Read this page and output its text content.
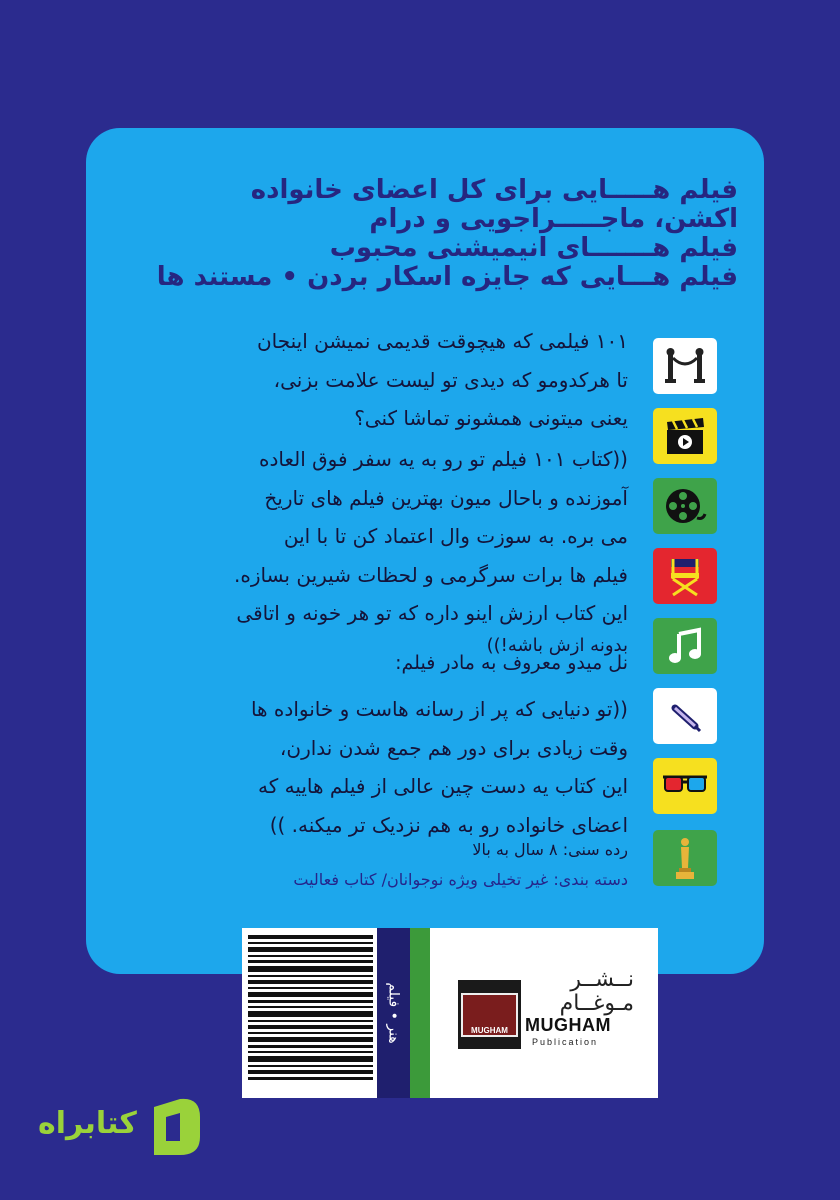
فیلم هـــــایی برای کل اعضای خانواده
اکشن، ماجـــــراجویی و درام
فیلم هـــــــای انیمیشنی محبوب
فیلم هـــایی که جایزه اسکار بردن • مستند ها
۱۰۱ فیلمی که هیچوقت قدیمی نمیشن اینجان
تا هرکدومو که دیدی تو لیست علامت بزنی،
یعنی میتونی همشونو تماشا کنی؟
((کتاب ۱۰۱ فیلم تو رو به یه سفر فوق العاده
آموزنده و باحال میون بهترین فیلم های تاریخ
می بره. به سوزت وال اعتماد کن تا با این
فیلم ها برات سرگرمی و لحظات شیرین بسازه.
این کتاب ارزش اینو داره که تو هر خونه و اتاقی
بدونه ازش باشه!))
نل میدو معروف به مادر فیلم:
((تو دنیایی که پر از رسانه هاست و خانواده ها
وقت زیادی برای دور هم جمع شدن ندارن،
این کتاب یه دست چین عالی از فیلم هاییه که
اعضای خانواده رو به هم نزدیک تر میکنه. ))
رده سنی: ۸ سال به بالا
دسته بندی: غیر تخیلی ویژه نوجوانان/ کتاب فعالیت
هنر • فیلم	MUGHAM
نــشــر
مـوغــام
MUGHAM
Publication
کتابراه
